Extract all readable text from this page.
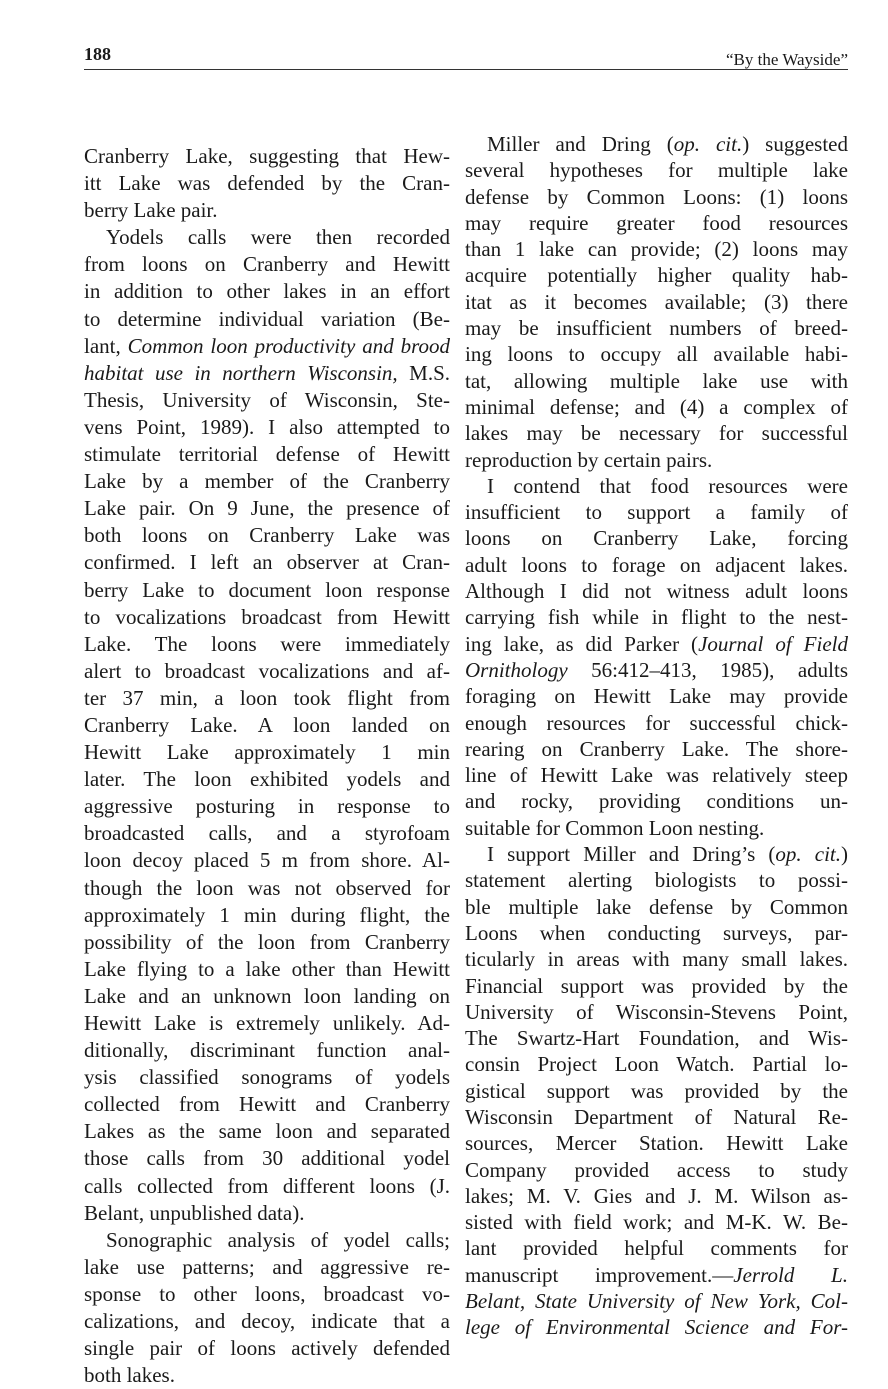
188	“By the Wayside”
Cranberry Lake, suggesting that Hew-
itt Lake was defended by the Cran-
berry Lake pair.
Yodels calls were then recorded
from loons on Cranberry and Hewitt
in addition to other lakes in an effort
to determine individual variation (Be-
lant, Common loon productivity and brood
habitat use in northern Wisconsin, M.S.
Thesis, University of Wisconsin, Ste-
vens Point, 1989). I also attempted to
stimulate territorial defense of Hewitt
Lake by a member of the Cranberry
Lake pair. On 9 June, the presence of
both loons on Cranberry Lake was
confirmed. I left an observer at Cran-
berry Lake to document loon response
to vocalizations broadcast from Hewitt
Lake. The loons were immediately
alert to broadcast vocalizations and af-
ter 37 min, a loon took flight from
Cranberry Lake. A loon landed on
Hewitt Lake approximately 1 min
later. The loon exhibited yodels and
aggressive posturing in response to
broadcasted calls, and a styrofoam
loon decoy placed 5 m from shore. Al-
though the loon was not observed for
approximately 1 min during flight, the
possibility of the loon from Cranberry
Lake flying to a lake other than Hewitt
Lake and an unknown loon landing on
Hewitt Lake is extremely unlikely. Ad-
ditionally, discriminant function anal-
ysis classified sonograms of yodels
collected from Hewitt and Cranberry
Lakes as the same loon and separated
those calls from 30 additional yodel
calls collected from different loons (J.
Belant, unpublished data).
Sonographic analysis of yodel calls;
lake use patterns; and aggressive re-
sponse to other loons, broadcast vo-
calizations, and decoy, indicate that a
single pair of loons actively defended
both lakes.
Miller and Dring (op. cit.) suggested
several hypotheses for multiple lake
defense by Common Loons: (1) loons
may require greater food resources
than 1 lake can provide; (2) loons may
acquire potentially higher quality hab-
itat as it becomes available; (3) there
may be insufficient numbers of breed-
ing loons to occupy all available habi-
tat, allowing multiple lake use with
minimal defense; and (4) a complex of
lakes may be necessary for successful
reproduction by certain pairs.
I contend that food resources were
insufficient to support a family of
loons on Cranberry Lake, forcing
adult loons to forage on adjacent lakes.
Although I did not witness adult loons
carrying fish while in flight to the nest-
ing lake, as did Parker (Journal of Field
Ornithology 56:412–413, 1985), adults
foraging on Hewitt Lake may provide
enough resources for successful chick-
rearing on Cranberry Lake. The shore-
line of Hewitt Lake was relatively steep
and rocky, providing conditions un-
suitable for Common Loon nesting.
I support Miller and Dring’s (op. cit.)
statement alerting biologists to possi-
ble multiple lake defense by Common
Loons when conducting surveys, par-
ticularly in areas with many small lakes.
Financial support was provided by the
University of Wisconsin-Stevens Point,
The Swartz-Hart Foundation, and Wis-
consin Project Loon Watch. Partial lo-
gistical support was provided by the
Wisconsin Department of Natural Re-
sources, Mercer Station. Hewitt Lake
Company provided access to study
lakes; M. V. Gies and J. M. Wilson as-
sisted with field work; and M-K. W. Be-
lant provided helpful comments for
manuscript improvement.—Jerrold L.
Belant, State University of New York, Col-
lege of Environmental Science and For-
